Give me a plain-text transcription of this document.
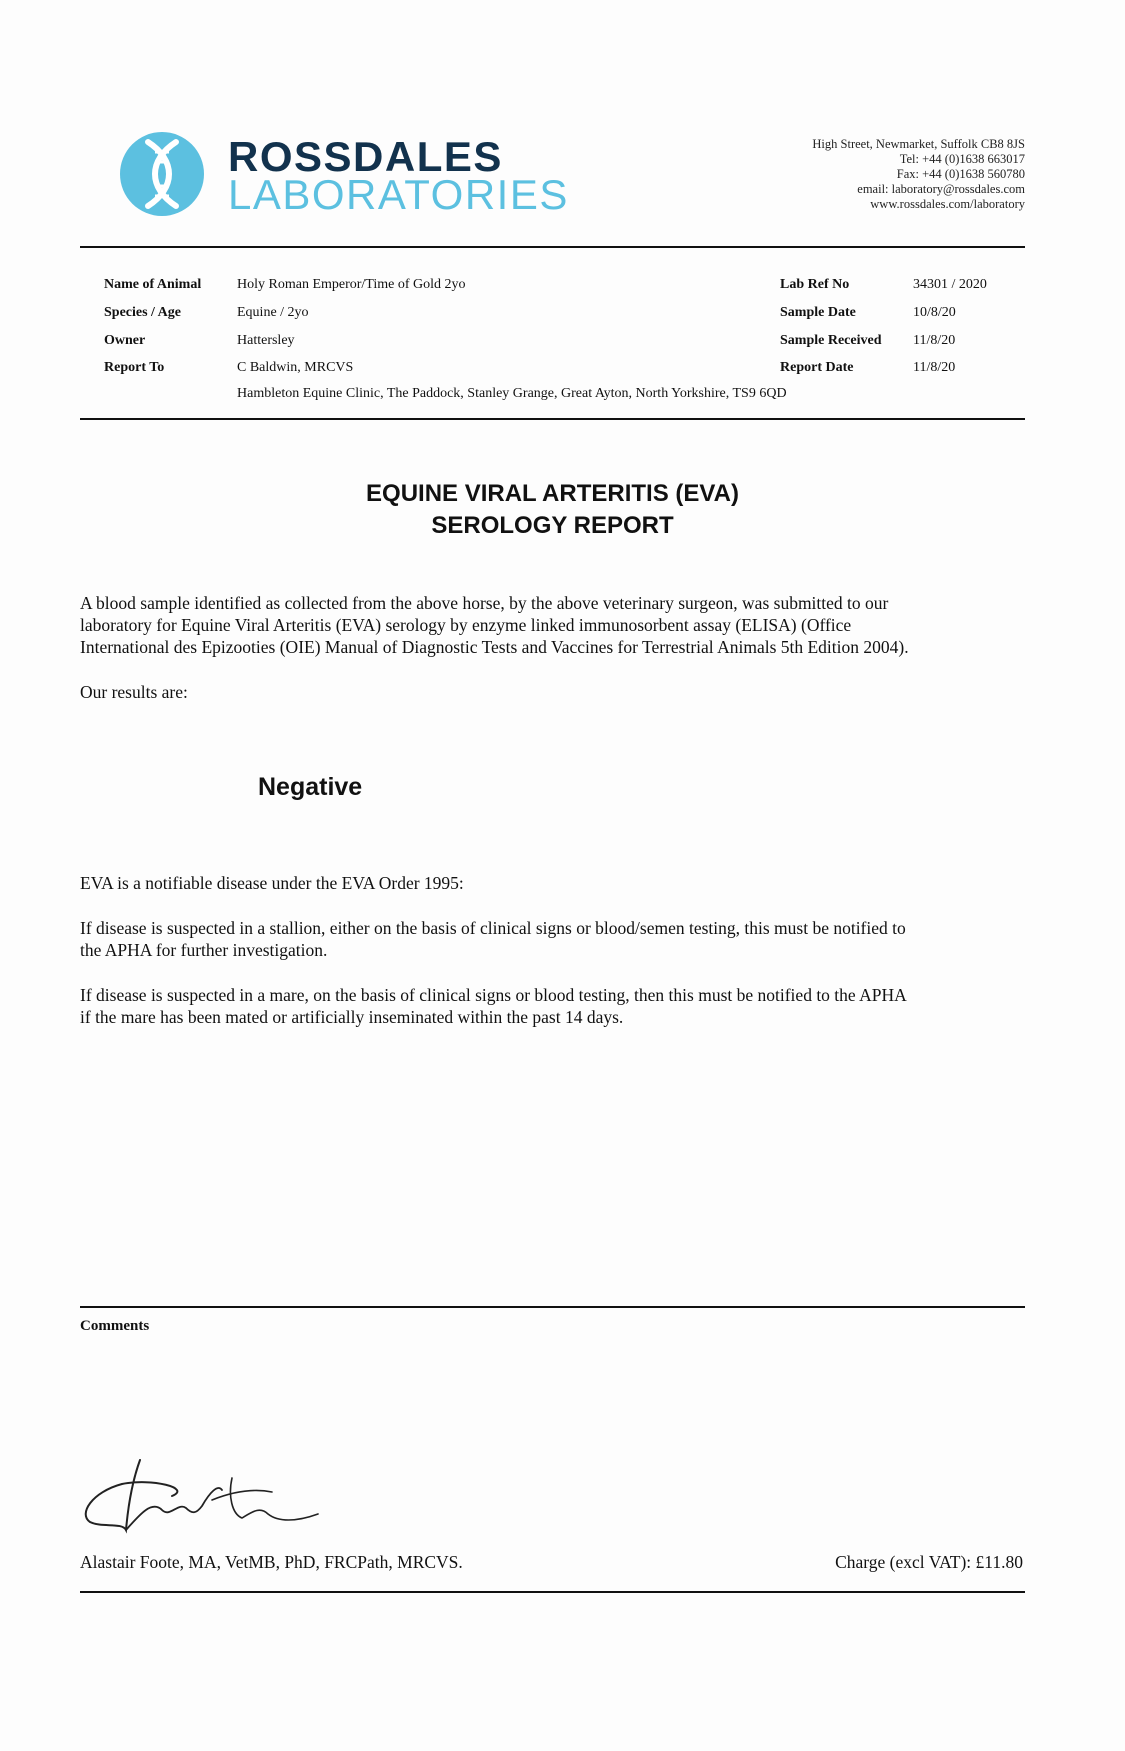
ROSSDALES

LABORATORIES

High Street, Newmarket, Suffolk CB8 8JS
Tel: +44 (0)1638 663017
Fax: +44 (0)1638 560780
email: laboratory@rossdales.com
www.rossdales.com/laboratory
Name of Animal	Holy Roman Emperor/Time of Gold 2yo	Lab Ref No	34301 / 2020
Species / Age	Equine / 2yo	Sample Date	10/8/20
Owner	Hattersley	Sample Received 11/8/20
Report To	C Baldwin, MRCVS	Report Date	11/8/20
Hambleton Equine Clinic, The Paddock, Stanley Grange, Great Ayton, North Yorkshire, TS9 6QD
EQUINE VIRAL ARTERITIS (EVA)
SEROLOGY REPORT
A blood sample identified as collected from the above horse, by the above veterinary surgeon, was submitted to our
laboratory for Equine Viral Arteritis (EVA) serology by enzyme linked immunosorbent assay (ELISA) (Office
International des Epizooties (OIE) Manual of Diagnostic Tests and Vaccines for Terrestrial Animals 5th Edition 2004).
Our results are:
Negative
EVA is a notifiable disease under the EVA Order 1995:
If disease is suspected in a stallion, either on the basis of clinical signs or blood/semen testing, this must be notified to
the APHA for further investigation.
If disease is suspected in a mare, on the basis of clinical signs or blood testing, then this must be notified to the APHA
if the mare has been mated or artificially inseminated within the past 14 days.
Comments
Alastair Foote, MA, VetMB, PhD, FRCPath, MRCVS.	Charge (excl VAT): £11.80
